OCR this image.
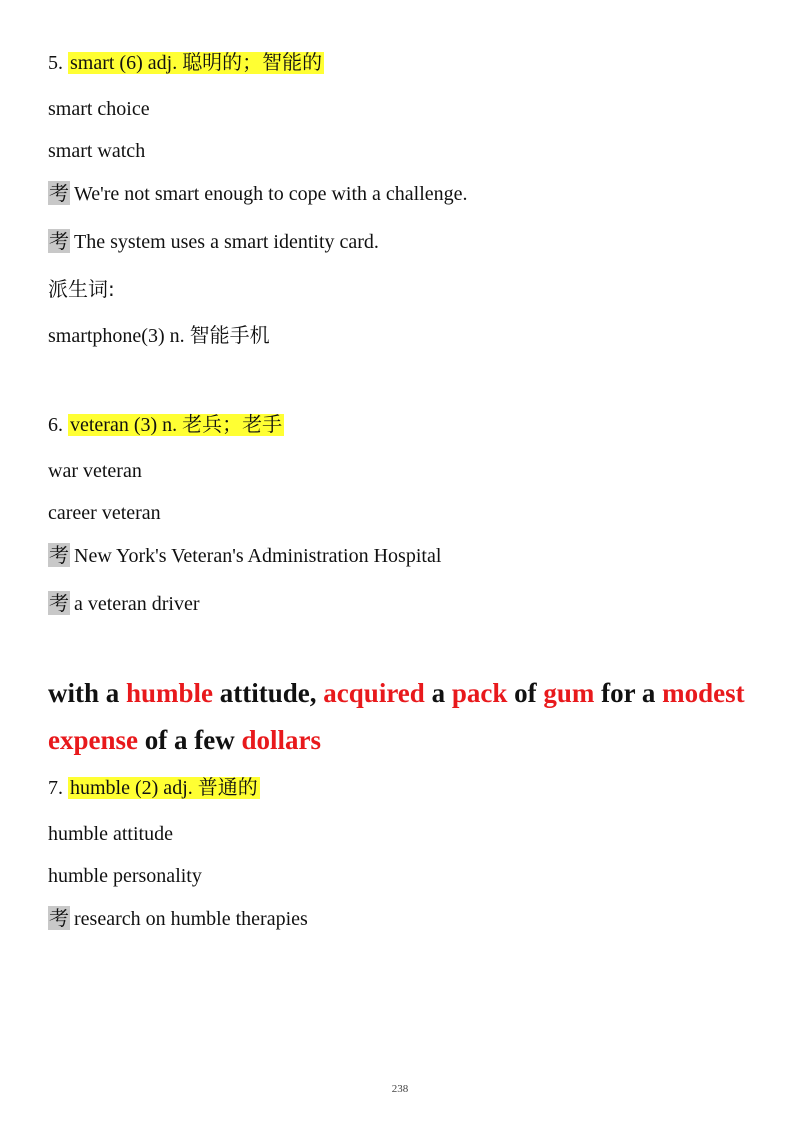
5. smart (6) adj. 聪明的；智能的
smart choice
smart watch
考 We're not smart enough to cope with a challenge.
考 The system uses a smart identity card.
派生词:
smartphone(3) n. 智能手机
6. veteran (3) n. 老兵；老手
war veteran
career veteran
考 New York's Veteran's Administration Hospital
考 a veteran driver
with a humble attitude, acquired a pack of gum for a modest
expense of a few dollars
7. humble (2) adj. 普通的
humble attitude
humble personality
考 research on humble therapies
238
